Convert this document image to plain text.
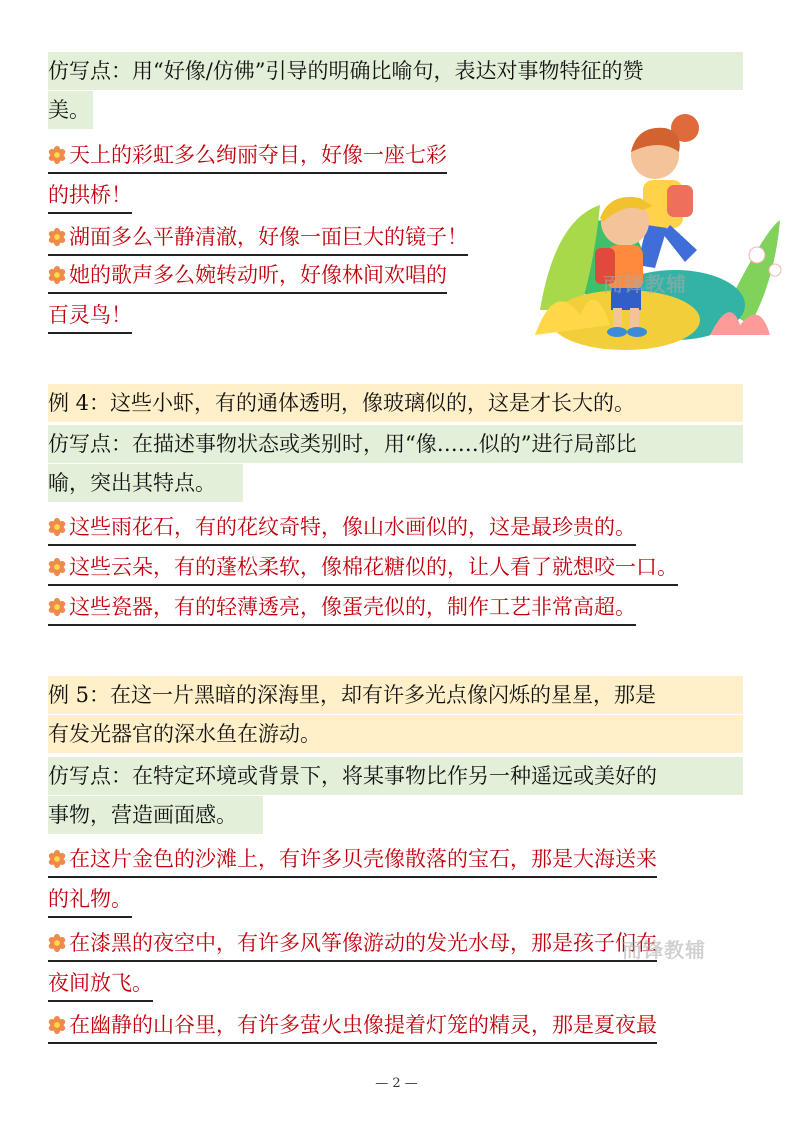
仿写点：用“好像/仿佛”引导的明确比喻句，表达对事物特征的赞
美。
天上的彩虹多么绚丽夺目，好像一座七彩
的拱桥！
湖面多么平静清澈，好像一面巨大的镜子！
她的歌声多么婉转动听，好像林间欢唱的
百灵鸟！
而锋教辅
例 4：这些小虾，有的通体透明，像玻璃似的，这是才长大的。
仿写点：在描述事物状态或类别时，用“像……似的”进行局部比
喻，突出其特点。
这些雨花石，有的花纹奇特，像山水画似的，这是最珍贵的。
这些云朵，有的蓬松柔软，像棉花糖似的，让人看了就想咬一口。
这些瓷器，有的轻薄透亮，像蛋壳似的，制作工艺非常高超。
例 5：在这一片黑暗的深海里，却有许多光点像闪烁的星星，那是
有发光器官的深水鱼在游动。
仿写点：在特定环境或背景下，将某事物比作另一种遥远或美好的
事物，营造画面感。
在这片金色的沙滩上，有许多贝壳像散落的宝石，那是大海送来
的礼物。
在漆黑的夜空中，有许多风筝像游动的发光水母，那是孩子们在
夜间放飞。
在幽静的山谷里，有许多萤火虫像提着灯笼的精灵，那是夏夜最
而锋教辅
— 2 —
